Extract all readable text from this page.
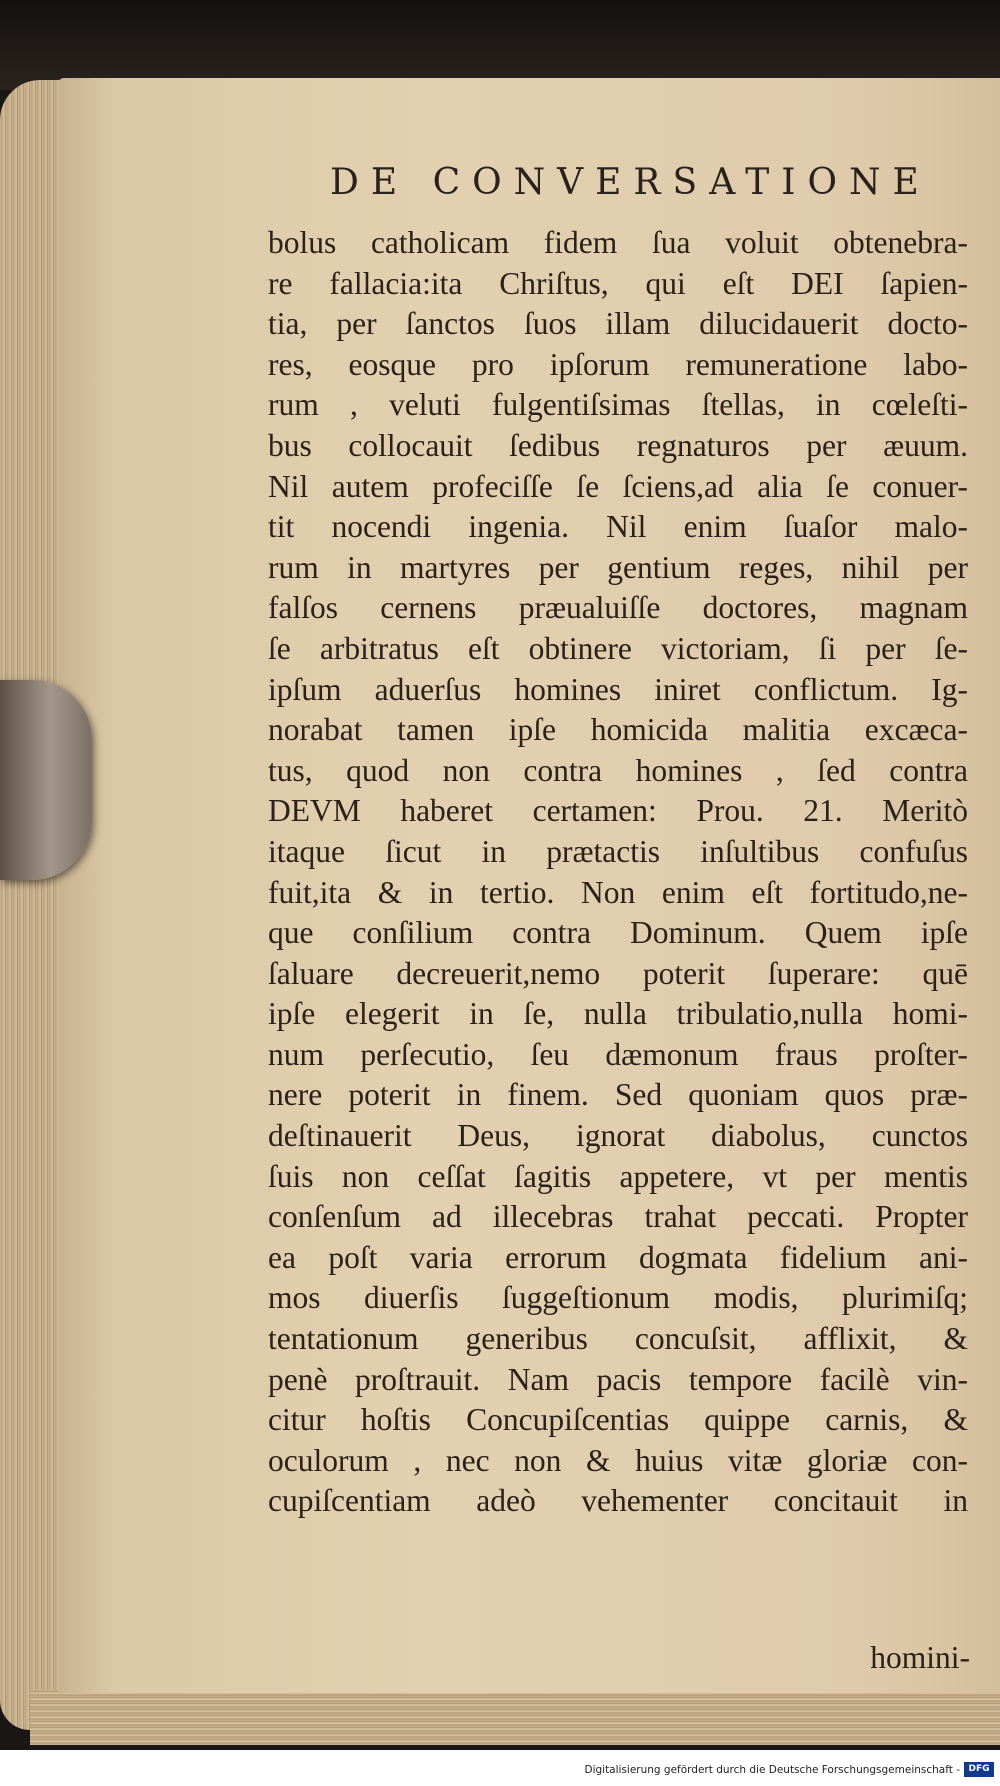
DE CONVERSATIONE
bolus catholicam fidem ſua voluit obtenebra-
re fallacia:ita Chriſtus, qui eſt DEI ſapien-
tia, per ſanctos ſuos illam dilucidauerit docto-
res, eosque pro ipſorum remuneratione labo-
rum , veluti fulgentiſsimas ſtellas, in cœleſti-
bus collocauit ſedibus regnaturos per æuum.
Nil autem profeciſſe ſe ſciens,ad alia ſe conuer-
tit nocendi ingenia. Nil enim ſuaſor malo-
rum in martyres per gentium reges, nihil per
falſos cernens præualuiſſe doctores, magnam
ſe arbitratus eſt obtinere victoriam, ſi per ſe-
ipſum aduerſus homines iniret conflictum. Ig-
norabat tamen ipſe homicida malitia excæca-
tus, quod non contra homines , ſed contra
DEVM haberet certamen: Prou. 21. Meritò
itaque ſicut in prætactis inſultibus confuſus
fuit,ita & in tertio. Non enim eſt fortitudo,ne-
que conſilium contra Dominum. Quem ipſe
ſaluare decreuerit,nemo poterit ſuperare: quē
ipſe elegerit in ſe, nulla tribulatio,nulla homi-
num perſecutio, ſeu dæmonum fraus proſter-
nere poterit in finem. Sed quoniam quos præ-
deſtinauerit Deus, ignorat diabolus, cunctos
ſuis non ceſſat ſagitis appetere, vt per mentis
conſenſum ad illecebras trahat peccati. Propter
ea poſt varia errorum dogmata fidelium ani-
mos diuerſis ſuggeſtionum modis, plurimiſq;
tentationum generibus concuſsit, afflixit, &
penè proſtrauit. Nam pacis tempore facilè vin-
citur hoſtis Concupiſcentias quippe carnis, &
oculorum , nec non & huius vitæ gloriæ con-
cupiſcentiam adeò vehementer concitauit in
homini-
Digitalisierung gefördert durch die Deutsche Forschungsgemeinschaft - DFG
